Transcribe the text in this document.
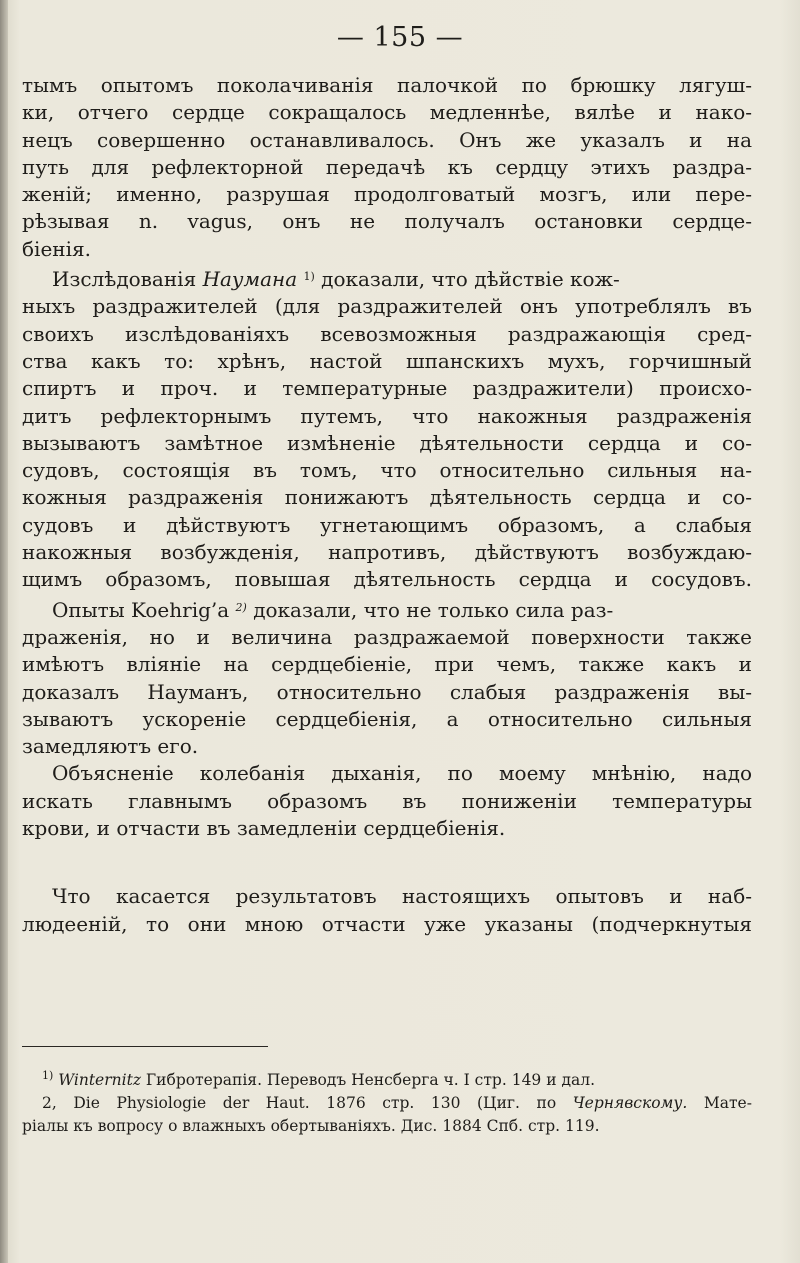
— 155 —
тымъ опытомъ поколачиванія палочкой по брюшку лягуш-
ки, отчего сердце сокращалось медленнѣе, вялѣе и нако-
нецъ совершенно останавливалось. Онъ же указалъ и на
путь для рефлекторной передачѣ къ сердцу этихъ раздра-
женій; именно, разрушая продолговатый мозгъ, или пере-
рѣзывая n. vagus, онъ не получалъ остановки сердце-
біенія.
Изслѣдованія Наумана $^{1)}$ доказали, что дѣйствіе кож-
ныхъ раздражителей (для раздражителей онъ употреблялъ въ
своихъ изслѣдованіяхъ всевозможныя раздражающія сред-
ства какъ то: хрѣнъ, настой шпанскихъ мухъ, горчишный
спиртъ и проч. и температурные раздражители) происхо-
дитъ рефлекторнымъ путемъ, что накожныя раздраженія
вызываютъ замѣтное измѣненіе дѣятельности сердца и со-
судовъ, состоящія въ томъ, что относительно сильныя на-
кожныя раздраженія понижаютъ дѣятельность сердца и со-
судовъ и дѣйствуютъ угнетающимъ образомъ, а слабыя
накожныя возбужденія, напротивъ, дѣйствуютъ возбуждаю-
щимъ образомъ, повышая дѣятельность сердца и сосудовъ.
Опыты Koehrig’a $^{2)}$ доказали, что не только сила раз-
драженія, но и величина раздражаемой поверхности также
имѣютъ вліяніе на сердцебіеніе, при чемъ, также какъ и
доказалъ Науманъ, относительно слабыя раздраженія вы-
зываютъ ускореніе сердцебіенія, а относительно сильныя
замедляютъ его.
Объясненіе колебанія дыханія, по моему мнѣнію, надо
искать главнымъ образомъ въ пониженіи температуры
крови, и отчасти въ замедленіи сердцебіенія.
Что касается результатовъ настоящихъ опытовъ и наб-
людееній, то они мною отчасти уже указаны (подчеркнутыя
$^{1)}$ Winternitz Гибротерапія. Переводъ Ненсберга ч. I стр. 149 и дал.
2, Die Physiologie der Haut. 1876 стр. 130 (Циг. по Чернявскому. Мате-
ріалы къ вопросу о влажныхъ обертываніяхъ. Дис. 1884 Спб. стр. 119.
